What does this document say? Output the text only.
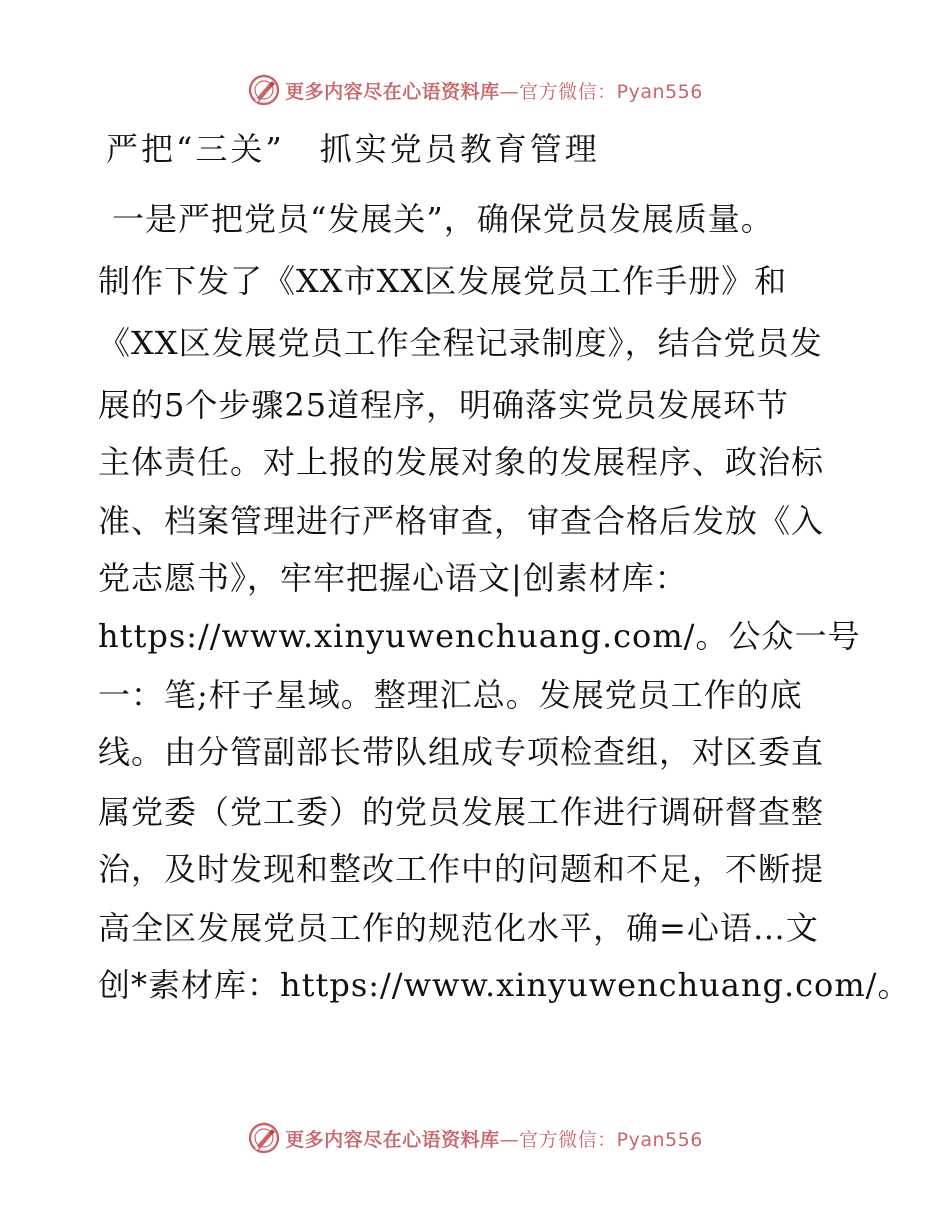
更多内容尽在心语资料库—官方微信：Pyan556
严把“三关”　抓实党员教育管理

一是严把党员“发展关”，确保党员发展质量。

制作下发了《XX市XX区发展党员工作手册》和

《XX区发展党员工作全程记录制度》，结合党员发

展的5个步骤25道程序，明确落实党员发展环节

主体责任。对上报的发展对象的发展程序、政治标

准、档案管理进行严格审查，审查合格后发放《入

党志愿书》，牢牢把握心语文|创素材库：

https://www.xinyuwenchuang.com/。公众一号

一：笔;杆子星域。整理汇总。发展党员工作的底

线。由分管副部长带队组成专项检查组，对区委直

属党委（党工委）的党员发展工作进行调研督查整

治，及时发现和整改工作中的问题和不足，不断提

高全区发展党员工作的规范化水平，确=心语…文

创*素材库：https://www.xinyuwenchuang.com/。

更多内容尽在心语资料库—官方微信：Pyan556
